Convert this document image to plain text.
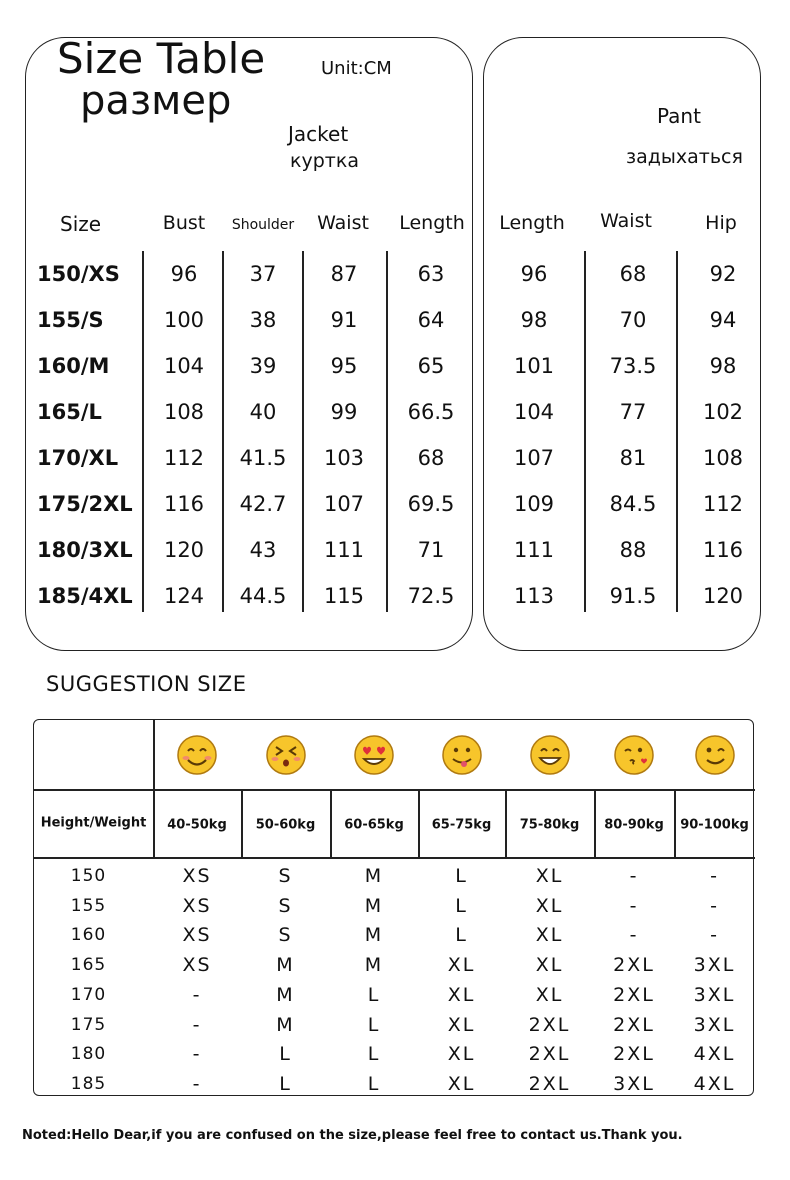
Size Table
размер
Unit:CM
Jacket
куртка
Pant
задыхаться
Size	Bust Shoulder Waist Length Length Waist	Hip
150/XS 96 37	87	63
155/S	100 38	91	64
160/M	104 39	95	65
165/L	108 40	99 66.5
170/XL 112 41.5 103	68
175/2XL 116 42.7 107 69.5
180/3XL 120 43 111	71
185/4XL 124 44.5 115 72.5
96	68	92
98	70	94
101	73.5	98
104	77	102
107	81	108
109	84.5 112
111	88	116
113	91.5 120
SUGGESTION SIZE
Height/Weight 40-50kg 50-60kg 60-65kg 65-75kg 75-80kg 80-90kg 90-100kg
150	XS	S	M	L	XL	-	-
155	XS	S	M	L	XL	-	-
160	XS	S	M	L	XL	-	-
165	XS	M	M	XL	XL	2XL 3XL
170	-	M	L	XL	XL	2XL 3XL
175	-	M	L	XL	2XL 2XL 3XL
180	-	L	L	XL	2XL 2XL 4XL
185	-	L	L	XL	2XL 3XL 4XL
Noted:Hello Dear,if you are confused on the size,please feel free to contact us.Thank you.
